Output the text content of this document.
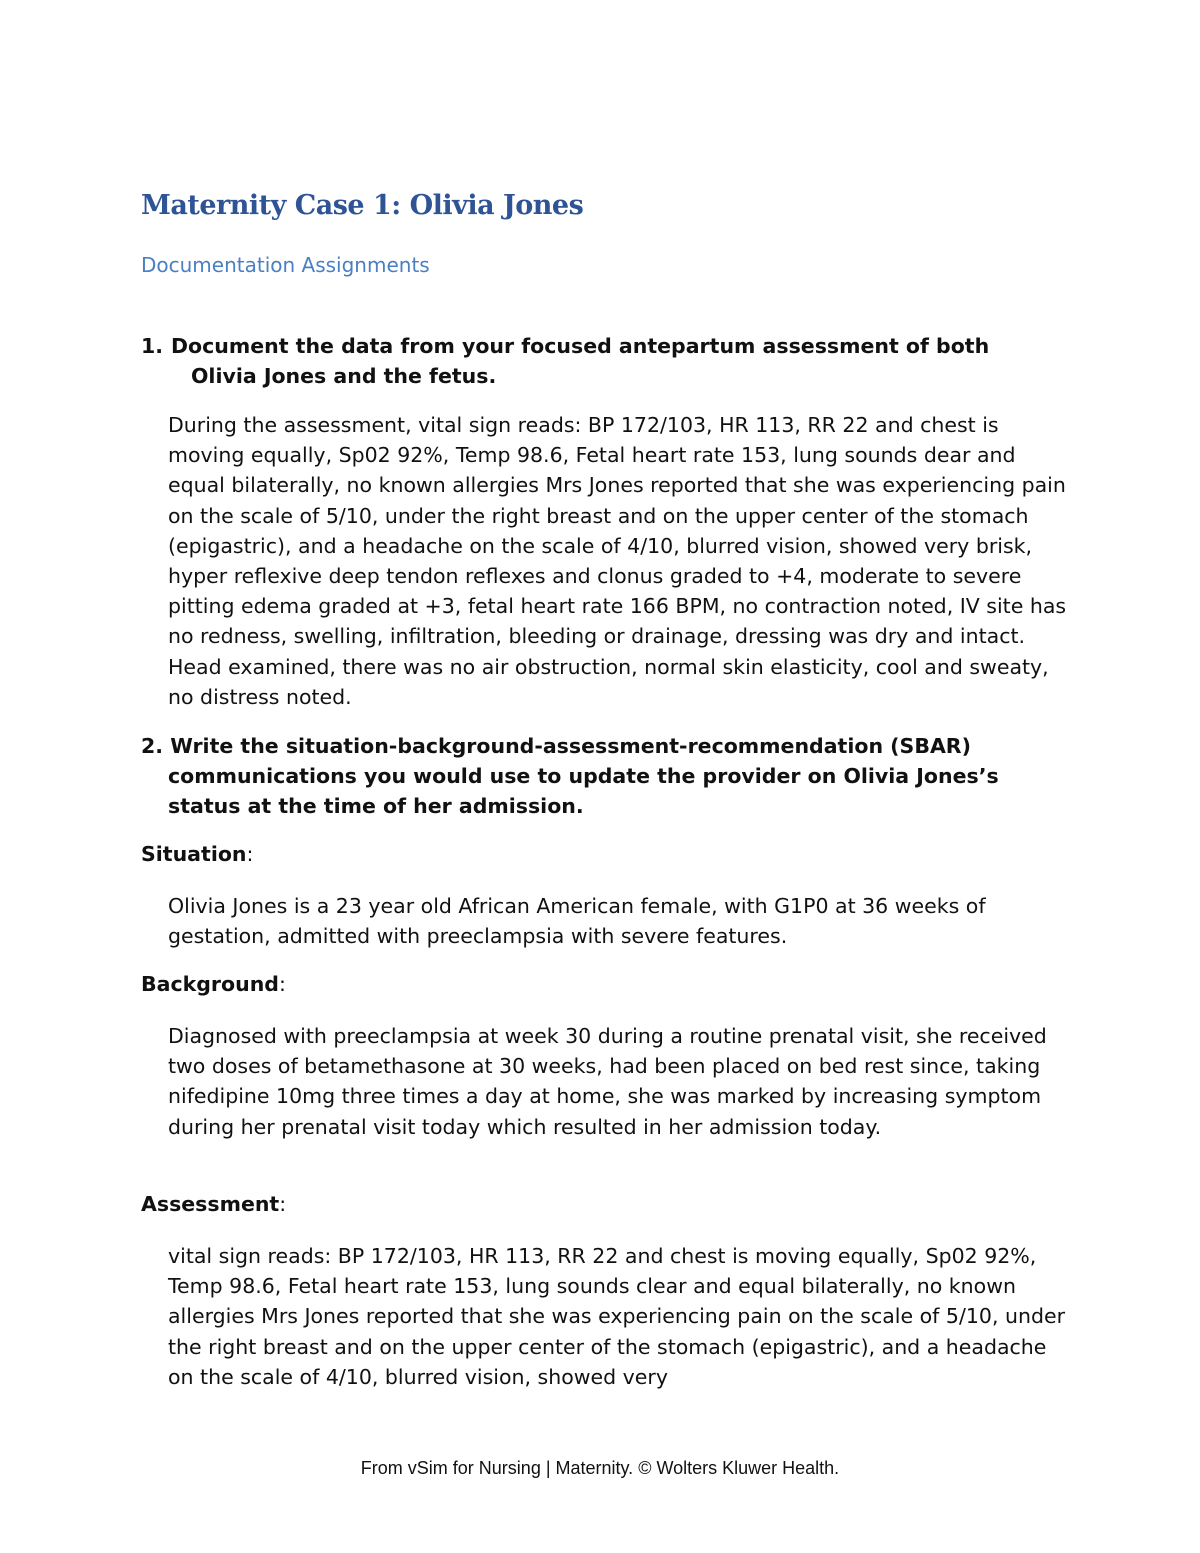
Maternity Case 1: Olivia Jones
Documentation Assignments
1. Document the data from your focused antepartum assessment of both
Olivia Jones and the fetus.
During the assessment, vital sign reads: BP 172/103, HR 113, RR 22 and chest is moving equally, Sp02 92%, Temp 98.6, Fetal heart rate 153, lung sounds dear and equal bilaterally, no known allergies Mrs Jones reported that she was experiencing pain on the scale of 5/10, under the right breast and on the upper center of the stomach (epigastric), and a headache on the scale of 4/10, blurred vision, showed very brisk, hyper reflexive deep tendon reflexes and clonus graded to +4, moderate to severe pitting edema graded at +3, fetal heart rate 166 BPM, no contraction noted, IV site has no redness, swelling, infiltration, bleeding or drainage, dressing was dry and intact. Head examined, there was no air obstruction, normal skin elasticity, cool and sweaty, no distress noted.
2. Write the situation-background-assessment-recommendation (SBAR)
communications you would use to update the provider on Olivia Jones’s
status at the time of her admission.
Situation:
Olivia Jones is a 23 year old African American female, with G1P0 at 36 weeks of gestation, admitted with preeclampsia with severe features.
Background:
Diagnosed with preeclampsia at week 30 during a routine prenatal visit, she received two doses of betamethasone at 30 weeks, had been placed on bed rest since, taking nifedipine 10mg three times a day at home, she was marked by increasing symptom during her prenatal visit today which resulted in her admission today.
Assessment:
vital sign reads: BP 172/103, HR 113, RR 22 and chest is moving equally, Sp02 92%, Temp 98.6, Fetal heart rate 153, lung sounds clear and equal bilaterally, no known allergies Mrs Jones reported that she was experiencing pain on the scale of 5/10, under the right breast and on the upper center of the stomach (epigastric), and a headache on the scale of 4/10, blurred vision, showed very
From vSim for Nursing | Maternity. © Wolters Kluwer Health.
